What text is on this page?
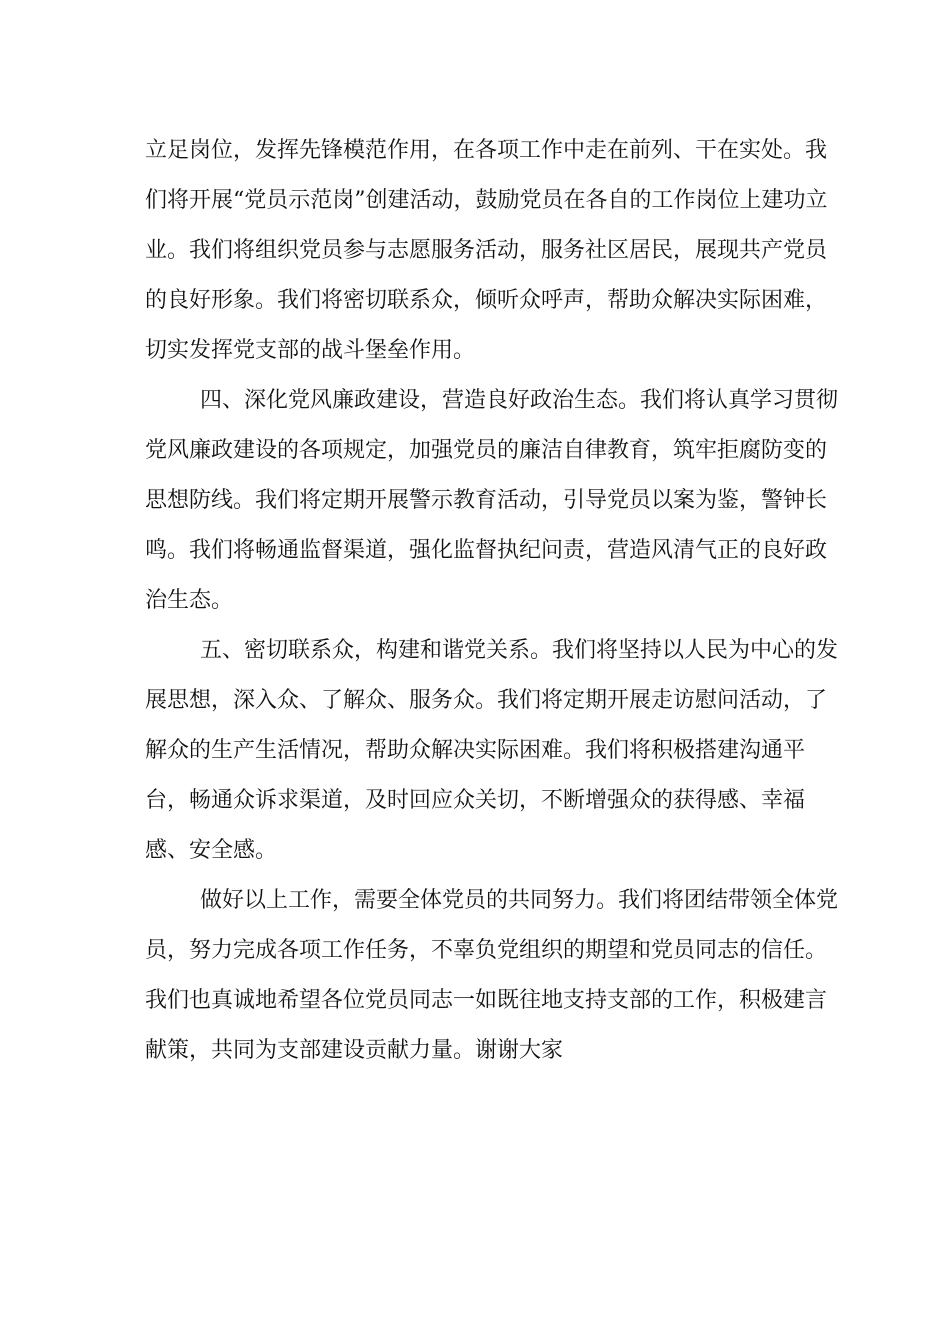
立足岗位，发挥先锋模范作用，在各项工作中走在前列、干在实处。我们将开展“党员示范岗”创建活动，鼓励党员在各自的工作岗位上建功立业。我们将组织党员参与志愿服务活动，服务社区居民，展现共产党员的良好形象。我们将密切联系众，倾听众呼声，帮助众解决实际困难，切实发挥党支部的战斗堡垒作用。

四、深化党风廉政建设，营造良好政治生态。我们将认真学习贯彻党风廉政建设的各项规定，加强党员的廉洁自律教育，筑牢拒腐防变的思想防线。我们将定期开展警示教育活动，引导党员以案为鉴，警钟长鸣。我们将畅通监督渠道，强化监督执纪问责，营造风清气正的良好政治生态。

五、密切联系众，构建和谐党关系。我们将坚持以人民为中心的发展思想，深入众、了解众、服务众。我们将定期开展走访慰问活动，了解众的生产生活情况，帮助众解决实际困难。我们将积极搭建沟通平台，畅通众诉求渠道，及时回应众关切，不断增强众的获得感、幸福感、安全感。

做好以上工作，需要全体党员的共同努力。我们将团结带领全体党员，努力完成各项工作任务，不辜负党组织的期望和党员同志的信任。我们也真诚地希望各位党员同志一如既往地支持支部的工作，积极建言献策，共同为支部建设贡献力量。谢谢大家
